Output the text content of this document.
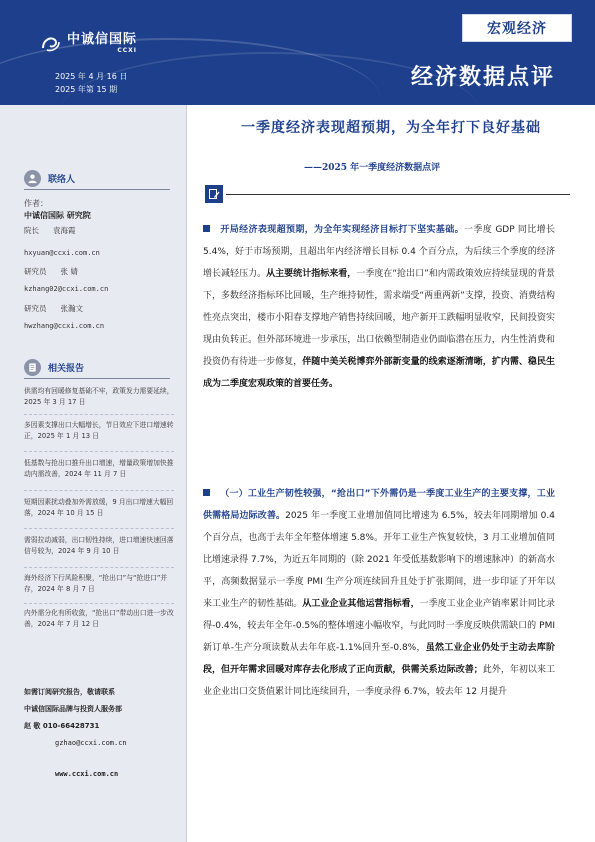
中诚信国际
CCXI
2025 年 4 月 16 日
2025 年第 15 期
宏观经济
经济数据点评
联络人
作者：
中诚信国际 研究院
院长 袁海霞
hxyuan@ccxi.com.cn
研究员 张 婧
kzhang02@ccxi.com.cn
研究员 张瀚文
hwzhang@ccxi.com.cn
相关报告
供需均有回暖修复基础不牢，政策发力需要延续，2025 年 3 月 17 日
多因素支撑出口大幅增长，节日效应下进口增速转正，2025 年 1 月 13 日
低基数与抢出口推升出口增速，增量政策增加快推动内需改善，2024 年 11 月 7 日
短期因素扰动叠加外需放缓，9 月出口增速大幅回落，2024 年 10 月 15 日
需弱拉动减弱，出口韧性持续，进口增速快速回落信号较为，2024 年 9 月 10 日
海外经济下行风险积聚，“抢出口”与“抢进口”并存，2024 年 8 月 7 日
内外需分化有所收敛，“抢出口”带动出口进一步改善，2024 年 7 月 12 日
如需订阅研究报告，敬请联系
中诚信国际品牌与投资人服务部
赵 敬 010-66428731
gzhao@ccxi.com.cn
www.ccxi.com.cn
一季度经济表现超预期，为全年打下良好基础
——2025 年一季度经济数据点评
开局经济表现超预期，为全年实现经济目标打下坚实基础。一季度 GDP 同比增长 5.4%，好于市场预期，且超出年内经济增长目标 0.4 个百分点，为后续三个季度的经济增长减轻压力。从主要统计指标来看，一季度在“抢出口”和内需政策效应持续显现的背景下，多数经济指标环比回暖，生产维持韧性，需求端受“两重两新”支撑，投资、消费结构性亮点突出，楼市小阳春支撑地产销售持续回暖，地产新开工跌幅明显收窄，民间投资实现由负转正。但外部环境进一步承压，出口依赖型制造业仍面临潜在压力，内生性消费和投资仍有待进一步修复，伴随中美关税博弈外部新变量的线索逐渐清晰，扩内需、稳民生成为二季度宏观政策的首要任务。
（一）工业生产韧性较强，“抢出口”下外需仍是一季度工业生产的主要支撑，工业供需格局边际改善。2025 年一季度工业增加值同比增速为 6.5%，较去年同期增加 0.4 个百分点，也高于去年全年整体增速 5.8%。开年工业生产恢复较快，3 月工业增加值同比增速录得 7.7%，为近五年同期的（除 2021 年受低基数影响下的增速脉冲）的新高水平，高频数据显示一季度 PMI 生产分项连续回升且处于扩张期间，进一步印证了开年以来工业生产的韧性基础。从工业企业其他运营指标看，一季度工业企业产销率累计同比录得-0.4%，较去年全年-0.5%的整体增速小幅收窄，与此同时一季度反映供需缺口的 PMI 新订单-生产分项读数从去年年底-1.1%回升至-0.8%，虽然工业企业仍处于主动去库阶段，但开年需求回暖对库存去化形成了正向贡献，供需关系边际改善；此外，年初以来工业企业出口交货值累计同比连续回升，一季度录得 6.7%，较去年 12 月提升
